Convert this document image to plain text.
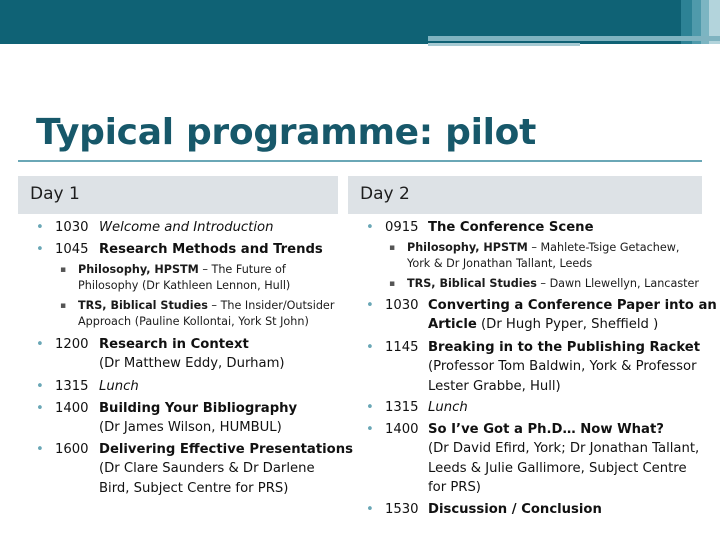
Typical programme: pilot
Day 1	Day 2
• 1030 Welcome and Introduction
• 1045 Research Methods and Trends
▪ Philosophy, HPSTM – The Future of
Philosophy (Dr Kathleen Lennon, Hull)
▪ TRS, Biblical Studies – The Insider/Outsider
Approach (Pauline Kollontai, York St John)
• 1200 Research in Context
(Dr Matthew Eddy, Durham)
• 1315 Lunch
• 1400 Building Your Bibliography
(Dr James Wilson, HUMBUL)
• 1600 Delivering Effective Presentations
(Dr Clare Saunders & Dr Darlene
Bird, Subject Centre for PRS)
• 0915 The Conference Scene
▪ Philosophy, HPSTM – Mahlete-Tsige Getachew,
York & Dr Jonathan Tallant, Leeds
▪ TRS, Biblical Studies – Dawn Llewellyn, Lancaster
• 1030 Converting a Conference Paper into an
Article (Dr Hugh Pyper, Sheffield )
• 1145 Breaking in to the Publishing Racket
(Professor Tom Baldwin, York & Professor
Lester Grabbe, Hull)
• 1315 Lunch
• 1400 So I’ve Got a Ph.D… Now What?
(Dr David Efird, York; Dr Jonathan Tallant,
Leeds & Julie Gallimore, Subject Centre
for PRS)
• 1530 Discussion / Conclusion
